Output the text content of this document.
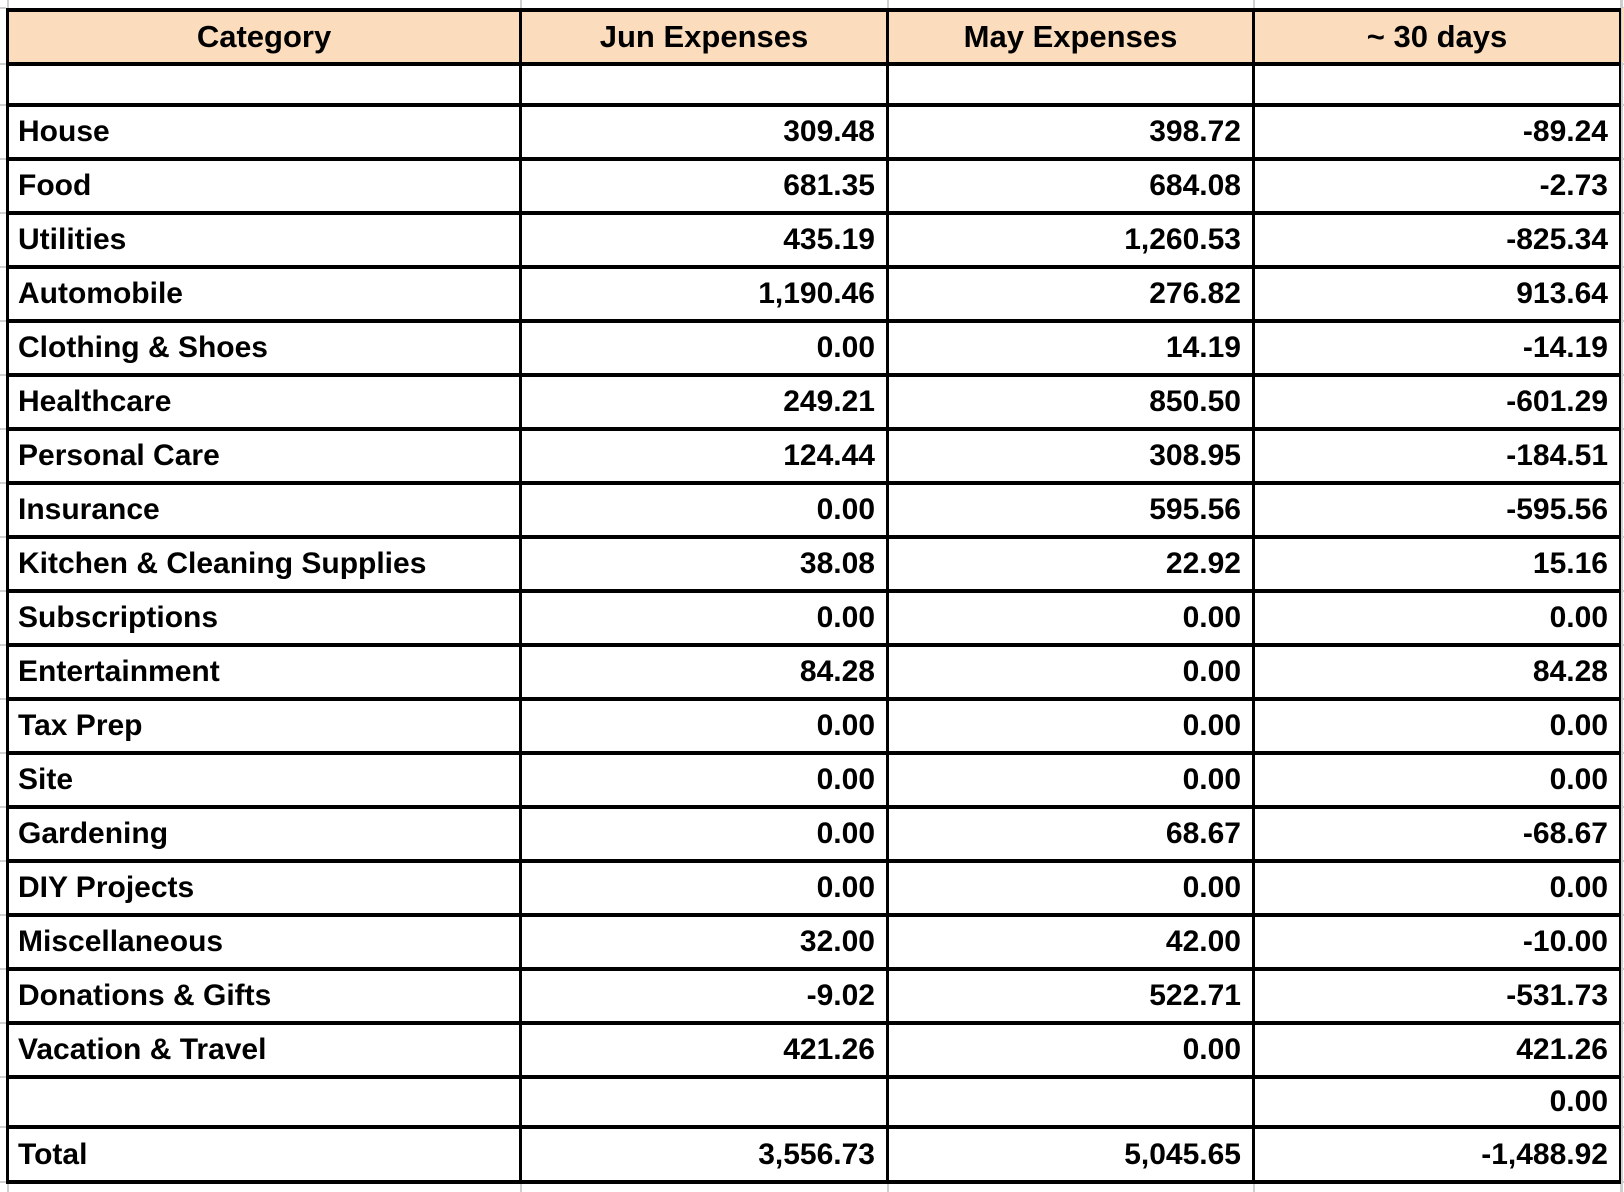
Category	Jun Expenses	May Expenses	~ 30 days

House	309.48	398.72	-89.24
Food	681.35	684.08	-2.73
Utilities	435.19	1,260.53	-825.34
Automobile	1,190.46	276.82	913.64
Clothing & Shoes	0.00	14.19	-14.19
Healthcare	249.21	850.50	-601.29
Personal Care	124.44	308.95	-184.51
Insurance	0.00	595.56	-595.56
Kitchen & Cleaning Supplies	38.08	22.92	15.16
Subscriptions	0.00	0.00	0.00
Entertainment	84.28	0.00	84.28
Tax Prep	0.00	0.00	0.00
Site	0.00	0.00	0.00
Gardening	0.00	68.67	-68.67
DIY Projects	0.00	0.00	0.00
Miscellaneous	32.00	42.00	-10.00
Donations & Gifts	-9.02	522.71	-531.73
Vacation & Travel	421.26	0.00	421.26
			0.00
Total	3,556.73	5,045.65	-1,488.92
